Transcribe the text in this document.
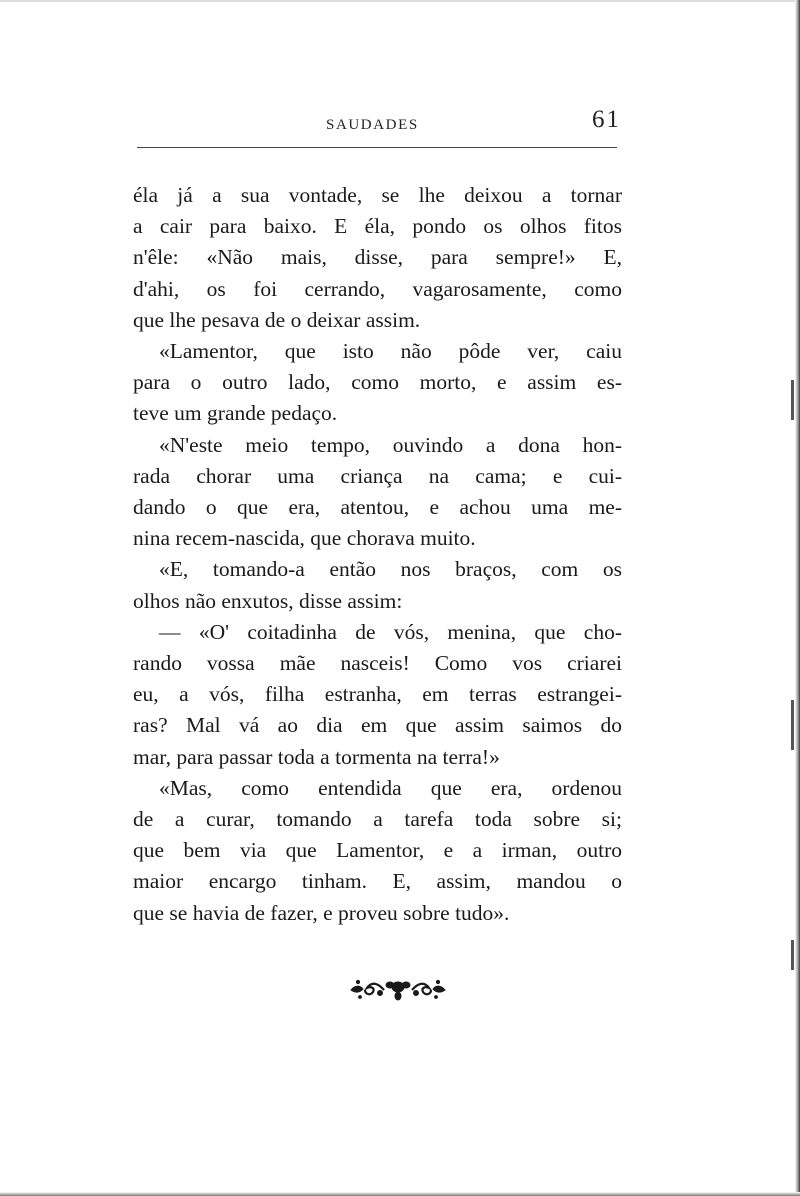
SAUDADES	61
éla já a sua vontade, se lhe deixou a tornar
a cair para baixo. E éla, pondo os olhos fitos
n'êle: «Não mais, disse, para sempre!» E,
d'ahi, os foi cerrando, vagarosamente, como
que lhe pesava de o deixar assim.
«Lamentor, que isto não pôde ver, caiu
para o outro lado, como morto, e assim es-
teve um grande pedaço.
«N'este meio tempo, ouvindo a dona hon-
rada chorar uma criança na cama; e cui-
dando o que era, atentou, e achou uma me-
nina recem-nascida, que chorava muito.
«E, tomando-a então nos braços, com os
olhos não enxutos, disse assim:
— «O' coitadinha de vós, menina, que cho-
rando vossa mãe nasceis! Como vos criarei
eu, a vós, filha estranha, em terras estrangei-
ras? Mal vá ao dia em que assim saimos do
mar, para passar toda a tormenta na terra!»
«Mas, como entendida que era, ordenou
de a curar, tomando a tarefa toda sobre si;
que bem via que Lamentor, e a irman, outro
maior encargo tinham. E, assim, mandou o
que se havia de fazer, e proveu sobre tudo».
